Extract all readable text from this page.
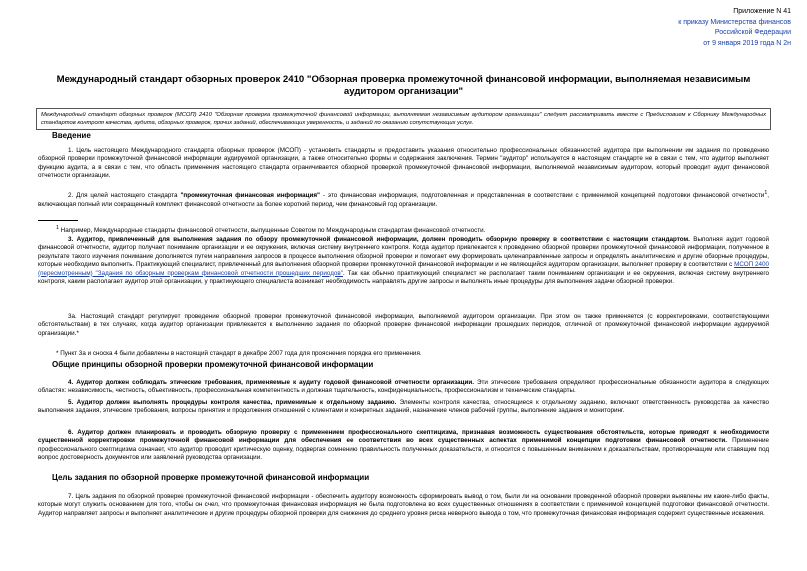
Приложение N 41
к приказу Министерства финансов
Российской Федерации
от 9 января 2019 года N 2н
Международный стандарт обзорных проверок 2410 "Обзорная проверка промежуточной финансовой информации, выполняемая независимым аудитором организации"
Международный стандарт обзорных проверок (МСОП) 2410 "Обзорная проверка промежуточной финансовой информации, выполняемая независимым аудитором организации" следует рассматривать вместе с Предисловием к Сборнику Международных стандартов контроля качества, аудита, обзорных проверок, прочих заданий, обеспечивающих уверенность, и заданий по оказанию сопутствующих услуг.
Введение

1. Цель настоящего Международного стандарта обзорных проверок (МСОП) - установить стандарты и предоставить указания относительно профессиональных обязанностей аудитора при выполнении им задания по проведению обзорной проверки промежуточной финансовой информации аудируемой организации, а также относительно формы и содержания заключения. Термин "аудитор" используется в настоящем стандарте не в связи с тем, что аудитор выполняет функцию аудита, а в связи с тем, что область применения настоящего стандарта ограничивается обзорной проверкой промежуточной финансовой информации, выполняемой независимым аудитором, который проводит аудит финансовой отчетности организации.

2. Для целей настоящего стандарта "промежуточная финансовая информация" - это финансовая информация, подготовленная и представленная в соответствии с применимой концепцией подготовки финансовой отчетности$^1$, включающая полный или сокращенный комплект финансовой отчетности за более короткий период, чем финансовый год организации.

$^1$ Например, Международные стандарты финансовой отчетности, выпущенные Советом по Международным стандартам финансовой отчетности.

3. Аудитор, привлеченный для выполнения задания по обзору промежуточной финансовой информации, должен проводить обзорную проверку в соответствии с настоящим стандартом. Выполняя аудит годовой финансовой отчетности, аудитор получает понимание организации и ее окружения, включая систему внутреннего контроля. Когда аудитор привлекается к проведению обзорной проверки промежуточной финансовой информации, полученное в результате такого изучения понимание дополняется путем направления запросов в процессе выполнения обзорной проверки и помогает ему формировать целенаправленные запросы и определять аналитические и другие обзорные процедуры, которые необходимо выполнить. Практикующий специалист, привлеченный для выполнения обзорной проверки промежуточной финансовой информации и не являющийся аудитором организации, выполняет проверку в соответствии с МСОП 2400 (пересмотренным) "Задания по обзорным проверкам финансовой отчетности прошедших периодов". Так как обычно практикующий специалист не располагает таким пониманием организации и ее окружения, включая систему внутреннего контроля, каким располагает аудитор этой организации, у практикующего специалиста возникает необходимость направлять другие запросы и выполнять иные процедуры для выполнения задачи обзорной проверки.

3а. Настоящий стандарт регулирует проведение обзорной проверки промежуточной финансовой информации, выполняемой аудитором организации. При этом он также применяется (с корректировками, соответствующими обстоятельствам) в тех случаях, когда аудитор организации привлекается к выполнению задания по обзорной проверке финансовой информации прошедших периодов, отличной от промежуточной финансовой информации аудируемой организации.*

* Пункт 3а и сноска 4 были добавлены в настоящий стандарт в декабре 2007 года для прояснения порядка его применения.

Общие принципы обзорной проверки промежуточной финансовой информации

4. Аудитор должен соблюдать этические требования, применяемые к аудиту годовой финансовой отчетности организации. Эти этические требования определяют профессиональные обязанности аудитора в следующих областях: независимость, честность, объективность, профессиональная компетентность и должная тщательность, конфиденциальность, профессионализм и технические стандарты.

5. Аудитор должен выполнять процедуры контроля качества, применимые к отдельному заданию. Элементы контроля качества, относящиеся к отдельному заданию, включают ответственность руководства за качество выполнения задания, этические требования, вопросы принятия и продолжения отношений с клиентами и конкретных заданий, назначение членов рабочей группы, выполнение задания и мониторинг.

6. Аудитор должен планировать и проводить обзорную проверку с применением профессионального скептицизма, признавая возможность существования обстоятельств, которые приводят к необходимости существенной корректировки промежуточной финансовой информации для обеспечения ее соответствия во всех существенных аспектах применимой концепции подготовки финансовой отчетности. Применение профессионального скептицизма означает, что аудитор проводит критическую оценку, подвергая сомнению правильность полученных доказательств, и относится с повышенным вниманием к доказательствам, противоречащим или ставящим под вопрос достоверность документов или заявлений руководства организации.

Цель задания по обзорной проверке промежуточной финансовой информации

7. Цель задания по обзорной проверке промежуточной финансовой информации - обеспечить аудитору возможность сформировать вывод о том, были ли на основании проведенной обзорной проверки выявлены им какие-либо факты, которые могут служить основанием для того, чтобы он счел, что промежуточная финансовая информация не была подготовлена во всех существенных отношениях в соответствии с применимой концепцией подготовки финансовой отчетности. Аудитор направляет запросы и выполняет аналитические и другие процедуры обзорной проверки для снижения до среднего уровня риска неверного вывода о том, что промежуточная финансовая информация содержит существенные искажения.
